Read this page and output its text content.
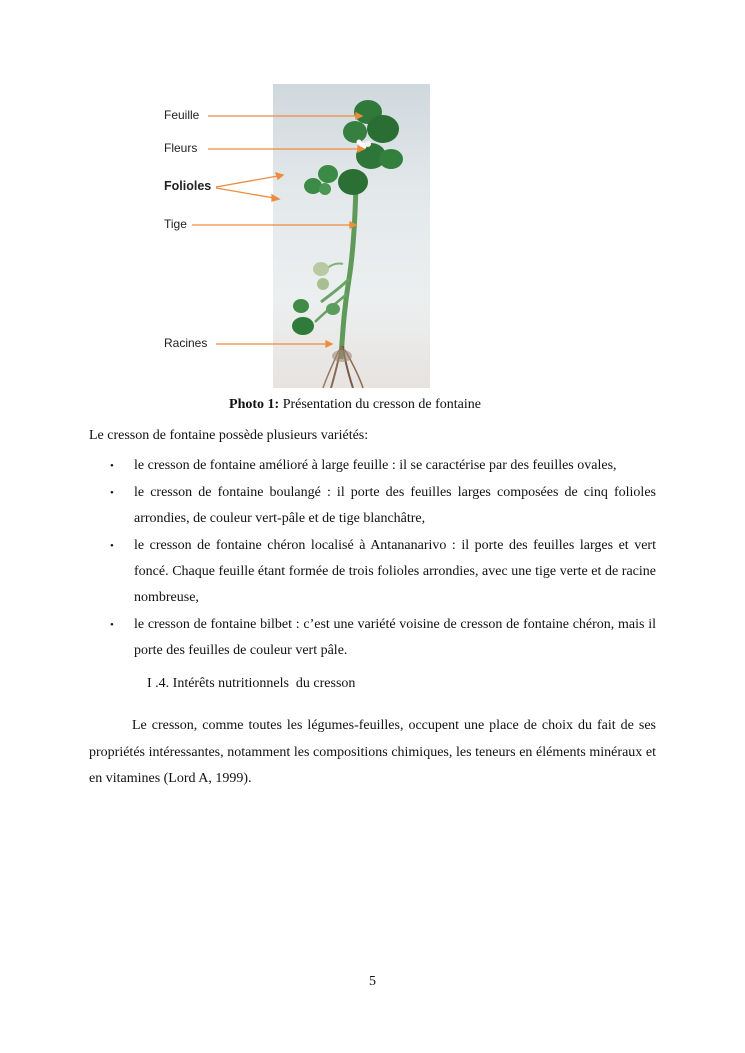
Feuille
Fleurs
Folioles
Tige
Racines
Photo 1: Présentation du cresson de fontaine
Le cresson de fontaine possède plusieurs variétés:
• le cresson de fontaine amélioré à large feuille : il se caractérise par des feuilles ovales,
• le cresson de fontaine boulangé : il porte des feuilles larges composées de cinq folioles arrondies, de couleur vert-pâle et de tige blanchâtre,
• le cresson de fontaine chéron localisé à Antananarivo : il porte des feuilles larges et vert foncé. Chaque feuille étant formée de trois folioles arrondies, avec une tige verte et de racine nombreuse,
• le cresson de fontaine bilbet : c’est une variété voisine de cresson de fontaine chéron, mais il porte des feuilles de couleur vert pâle.
I .4. Intérêts nutritionnels  du cresson
Le cresson, comme toutes les légumes-feuilles, occupent une place de choix du fait de ses propriétés intéressantes, notamment les compositions chimiques, les teneurs en éléments minéraux et en vitamines (Lord A, 1999).
5
